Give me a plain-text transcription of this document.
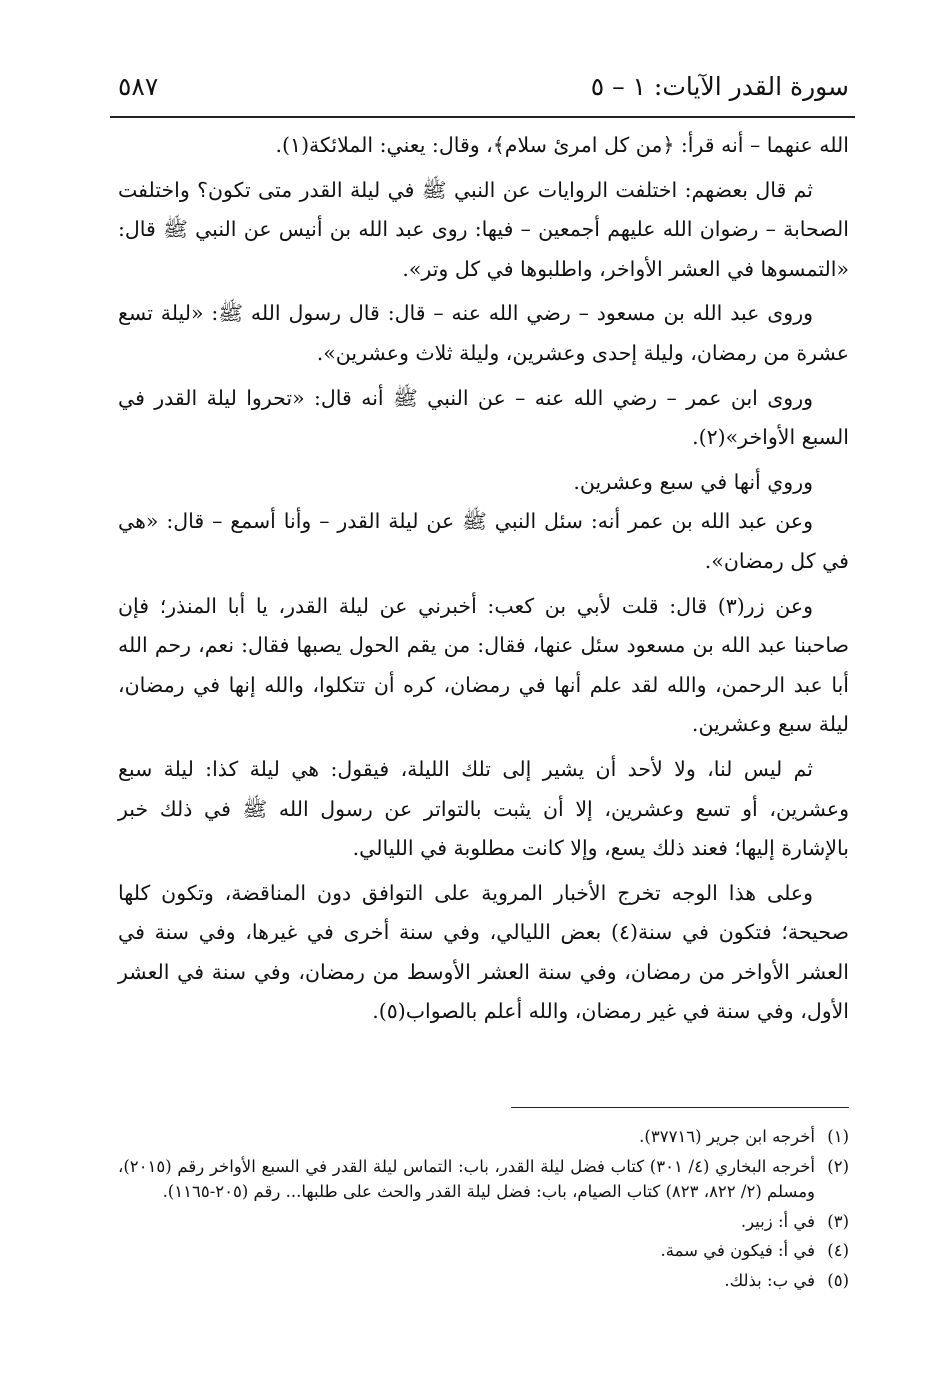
٥٨٧	سورة القدر الآيات: ١ – ٥

الله عنهما – أنه قرأ: ﴿من كل امرئ سلام﴾، وقال: يعني: الملائكة(١).

ثم قال بعضهم: اختلفت الروايات عن النبي ﷺ في ليلة القدر متى تكون؟ واختلفت الصحابة – رضوان الله عليهم أجمعين – فيها: روى عبد الله بن أنيس عن النبي ﷺ قال: «التمسوها في العشر الأواخر، واطلبوها في كل وتر».

وروى عبد الله بن مسعود – رضي الله عنه – قال: قال رسول الله ﷺ: «ليلة تسع عشرة من رمضان، وليلة إحدى وعشرين، وليلة ثلاث وعشرين».

وروى ابن عمر – رضي الله عنه – عن النبي ﷺ أنه قال: «تحروا ليلة القدر في السبع الأواخر»(٢).

وروي أنها في سبع وعشرين.

وعن عبد الله بن عمر أنه: سئل النبي ﷺ عن ليلة القدر – وأنا أسمع – قال: «هي في كل رمضان».

وعن زر(٣) قال: قلت لأبي بن كعب: أخبرني عن ليلة القدر، يا أبا المنذر؛ فإن صاحبنا عبد الله بن مسعود سئل عنها، فقال: من يقم الحول يصبها فقال: نعم، رحم الله أبا عبد الرحمن، والله لقد علم أنها في رمضان، كره أن تتكلوا، والله إنها في رمضان، ليلة سبع وعشرين.

ثم ليس لنا، ولا لأحد أن يشير إلى تلك الليلة، فيقول: هي ليلة كذا: ليلة سبع وعشرين، أو تسع وعشرين، إلا أن يثبت بالتواتر عن رسول الله ﷺ في ذلك خبر بالإشارة إليها؛ فعند ذلك يسع، وإلا كانت مطلوبة في الليالي.

وعلى هذا الوجه تخرج الأخبار المروية على التوافق دون المناقضة، وتكون كلها صحيحة؛ فتكون في سنة(٤) بعض الليالي، وفي سنة أخرى في غيرها، وفي سنة في العشر الأواخر من رمضان، وفي سنة العشر الأوسط من رمضان، وفي سنة في العشر الأول، وفي سنة في غير رمضان، والله أعلم بالصواب(٥).

(١)
أخرجه ابن جرير (٣٧٧١٦).
(٢)
أخرجه البخاري (٤/ ٣٠١) كتاب فضل ليلة القدر، باب: التماس ليلة القدر في السبع الأواخر رقم (٢٠١٥)، ومسلم (٢/ ٨٢٢، ٨٢٣) كتاب الصيام، باب: فضل ليلة القدر والحث على طلبها... رقم (٢٠٥-١١٦٥).
(٣)
في أ: زبير.
(٤)
في أ: فيكون في سمة.
(٥)
في ب: بذلك.
